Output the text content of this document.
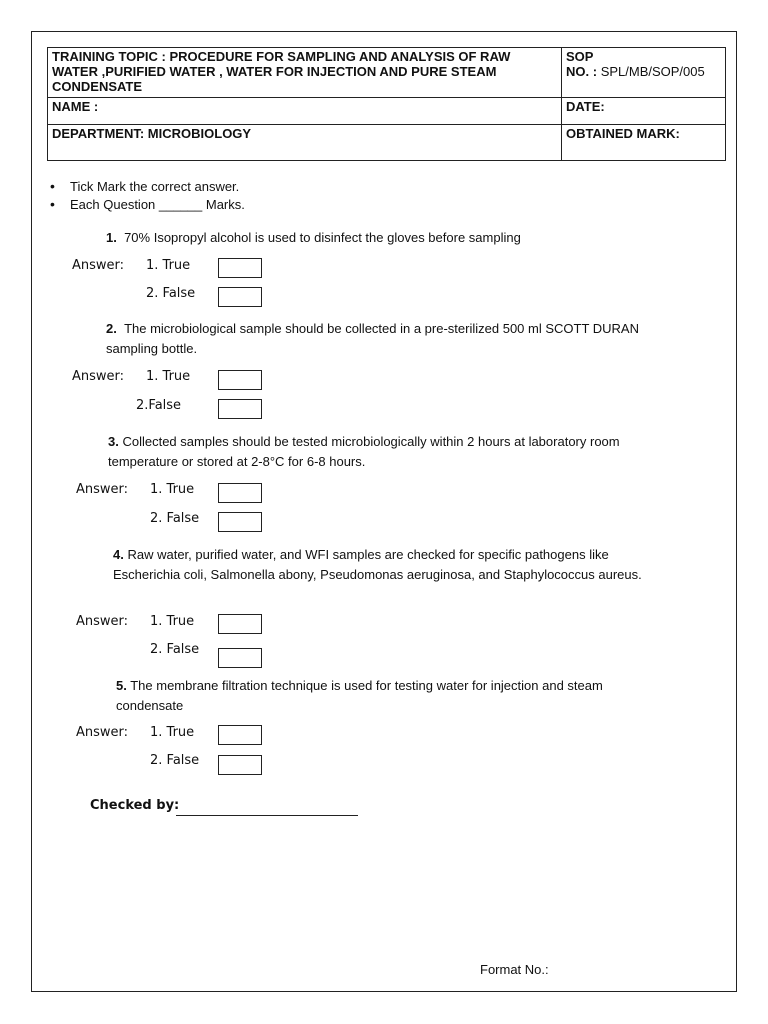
TRAINING TOPIC : PROCEDURE FOR SAMPLING AND ANALYSIS OF RAW WATER ,PURIFIED WATER , WATER FOR INJECTION AND PURE STEAM CONDENSATE	SOP
NO. : SPL/MB/SOP/005

NAME :	DATE:
DEPARTMENT: MICROBIOLOGY	OBTAINED MARK:
•	Tick Mark the correct answer.
•	Each Question ______ Marks.
1. 70% Isopropyl alcohol is used to disinfect the gloves before sampling
Answer: 1. True
2. False
2. The microbiological sample should be collected in a pre-sterilized 500 ml SCOTT DURAN sampling bottle.
Answer: 1. True
2.False
3. Collected samples should be tested microbiologically within 2 hours at laboratory room temperature or stored at 2-8°C for 6-8 hours.
Answer: 1. True
2. False
4. Raw water, purified water, and WFI samples are checked for specific pathogens like Escherichia coli, Salmonella abony, Pseudomonas aeruginosa, and Staphylococcus aureus.
Answer: 1. True
2. False
5. The membrane filtration technique is used for testing water for injection and steam condensate
Answer: 1. True
2. False
Checked by:
Format No.:
